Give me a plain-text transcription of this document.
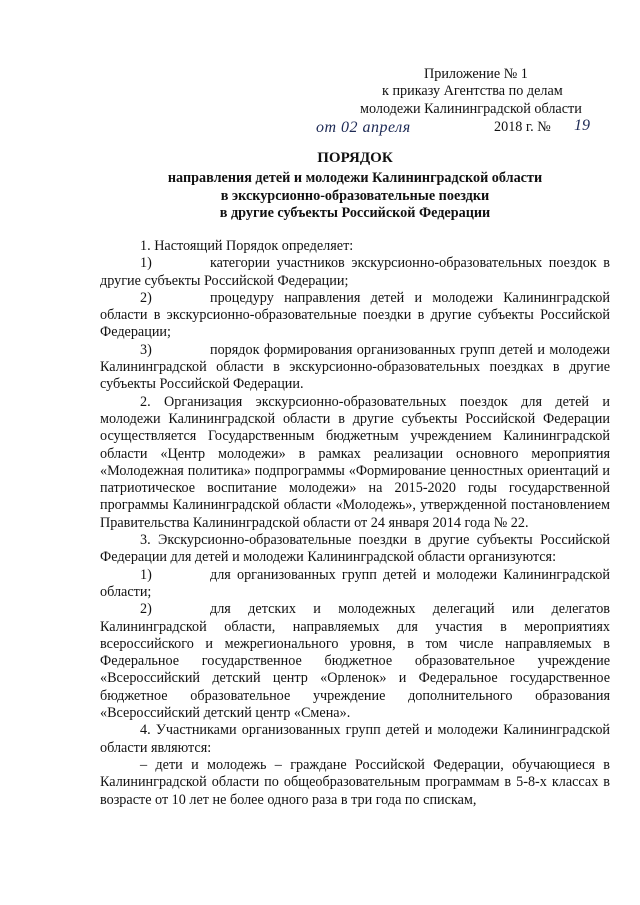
Приложение № 1
к приказу Агентства по делам
молодежи Калининградской области
от 02 апреля	2018 г. № 19
ПОРЯДОК
направления детей и молодежи Калининградской области
в экскурсионно-образовательные поездки
в другие субъекты Российской Федерации

1. Настоящий Порядок определяет:

1)	категории участников экскурсионно-образовательных поездок в другие субъекты Российской Федерации;

2)	процедуру направления детей и молодежи Калининградской области в экскурсионно-образовательные поездки в другие субъекты Российской Федерации;

3)	порядок формирования организованных групп детей и молодежи Калининградской области в экскурсионно-образовательных поездках в другие субъекты Российской Федерации.

2. Организация экскурсионно-образовательных поездок для детей и молодежи Калининградской области в другие субъекты Российской Федерации осуществляется Государственным бюджетным учреждением Калининградской области «Центр молодежи» в рамках реализации основного мероприятия «Молодежная политика» подпрограммы «Формирование ценностных ориентаций и патриотическое воспитание молодежи» на 2015-2020 годы государственной программы Калининградской области «Молодежь», утвержденной постановлением Правительства Калининградской области от 24 января 2014 года № 22.

3. Экскурсионно-образовательные поездки в другие субъекты Российской Федерации для детей и молодежи Калининградской области организуются:

1)	для организованных групп детей и молодежи Калининградской области;

2)	для детских и молодежных делегаций или делегатов Калининградской области, направляемых для участия в мероприятиях всероссийского и межрегионального уровня, в том числе направляемых в Федеральное государственное бюджетное образовательное учреждение «Всероссийский детский центр «Орленок» и Федеральное государственное бюджетное образовательное учреждение дополнительного образования «Всероссийский детский центр «Смена».

4. Участниками организованных групп детей и молодежи Калининградской области являются:

– дети и молодежь – граждане Российской Федерации, обучающиеся в Калининградской области по общеобразовательным программам в 5-8-х классах в возрасте от 10 лет не более одного раза в три года по спискам,
